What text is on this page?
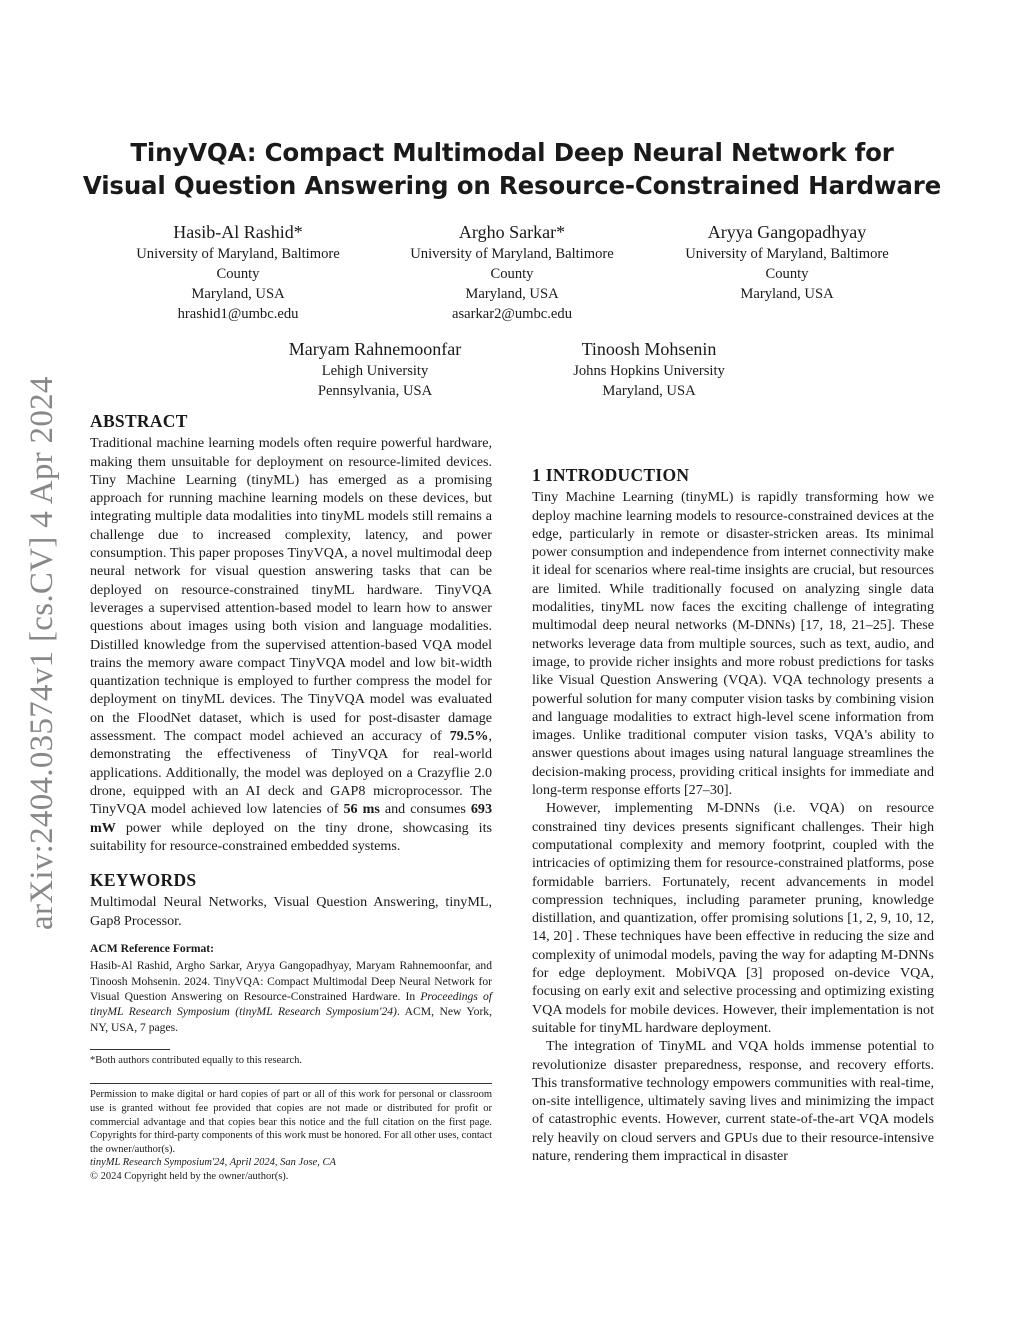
arXiv:2404.03574v1 [cs.CV] 4 Apr 2024
TinyVQA: Compact Multimodal Deep Neural Network for
Visual Question Answering on Resource-Constrained Hardware
Hasib-Al Rashid*
University of Maryland, Baltimore
County
Maryland, USA
hrashid1@umbc.edu
Argho Sarkar*
University of Maryland, Baltimore
County
Maryland, USA
asarkar2@umbc.edu
Aryya Gangopadhyay
University of Maryland, Baltimore
County
Maryland, USA
Maryam Rahnemoonfar
Lehigh University
Pennsylvania, USA
Tinoosh Mohsenin
Johns Hopkins University
Maryland, USA
ABSTRACT

Traditional machine learning models often require powerful hardware, making them unsuitable for deployment on resource-limited devices. Tiny Machine Learning (tinyML) has emerged as a promising approach for running machine learning models on these devices, but integrating multiple data modalities into tinyML models still remains a challenge due to increased complexity, latency, and power consumption. This paper proposes TinyVQA, a novel multimodal deep neural network for visual question answering tasks that can be deployed on resource-constrained tinyML hardware. TinyVQA leverages a supervised attention-based model to learn how to answer questions about images using both vision and language modalities. Distilled knowledge from the supervised attention-based VQA model trains the memory aware compact TinyVQA model and low bit-width quantization technique is employed to further compress the model for deployment on tinyML devices. The TinyVQA model was evaluated on the FloodNet dataset, which is used for post-disaster damage assessment. The compact model achieved an accuracy of 79.5%, demonstrating the effectiveness of TinyVQA for real-world applications. Additionally, the model was deployed on a Crazyflie 2.0 drone, equipped with an AI deck and GAP8 microprocessor. The TinyVQA model achieved low latencies of 56 ms and consumes 693 mW power while deployed on the tiny drone, showcasing its suitability for resource-constrained embedded systems.

KEYWORDS

Multimodal Neural Networks, Visual Question Answering, tinyML, Gap8 Processor.

ACM Reference Format:

Hasib-Al Rashid, Argho Sarkar, Aryya Gangopadhyay, Maryam Rahnemoonfar, and Tinoosh Mohsenin. 2024. TinyVQA: Compact Multimodal Deep Neural Network for Visual Question Answering on Resource-Constrained Hardware. In Proceedings of tinyML Research Symposium (tinyML Research Symposium'24). ACM, New York, NY, USA, 7 pages.

*Both authors contributed equally to this research.

Permission to make digital or hard copies of part or all of this work for personal or classroom use is granted without fee provided that copies are not made or distributed for profit or commercial advantage and that copies bear this notice and the full citation on the first page. Copyrights for third-party components of this work must be honored. For all other uses, contact the owner/author(s).

tinyML Research Symposium'24, April 2024, San Jose, CA

© 2024 Copyright held by the owner/author(s).

1 INTRODUCTION

Tiny Machine Learning (tinyML) is rapidly transforming how we deploy machine learning models to resource-constrained devices at the edge, particularly in remote or disaster-stricken areas. Its minimal power consumption and independence from internet connectivity make it ideal for scenarios where real-time insights are crucial, but resources are limited. While traditionally focused on analyzing single data modalities, tinyML now faces the exciting challenge of integrating multimodal deep neural networks (M-DNNs) [17, 18, 21–25]. These networks leverage data from multiple sources, such as text, audio, and image, to provide richer insights and more robust predictions for tasks like Visual Question Answering (VQA). VQA technology presents a powerful solution for many computer vision tasks by combining vision and language modalities to extract high-level scene information from images. Unlike traditional computer vision tasks, VQA's ability to answer questions about images using natural language streamlines the decision-making process, providing critical insights for immediate and long-term response efforts [27–30].

However, implementing M-DNNs (i.e. VQA) on resource constrained tiny devices presents significant challenges. Their high computational complexity and memory footprint, coupled with the intricacies of optimizing them for resource-constrained platforms, pose formidable barriers. Fortunately, recent advancements in model compression techniques, including parameter pruning, knowledge distillation, and quantization, offer promising solutions [1, 2, 9, 10, 12, 14, 20] . These techniques have been effective in reducing the size and complexity of unimodal models, paving the way for adapting M-DNNs for edge deployment. MobiVQA [3] proposed on-device VQA, focusing on early exit and selective processing and optimizing existing VQA models for mobile devices. However, their implementation is not suitable for tinyML hardware deployment.

The integration of TinyML and VQA holds immense potential to revolutionize disaster preparedness, response, and recovery efforts. This transformative technology empowers communities with real-time, on-site intelligence, ultimately saving lives and minimizing the impact of catastrophic events. However, current state-of-the-art VQA models rely heavily on cloud servers and GPUs due to their resource-intensive nature, rendering them impractical in disaster
